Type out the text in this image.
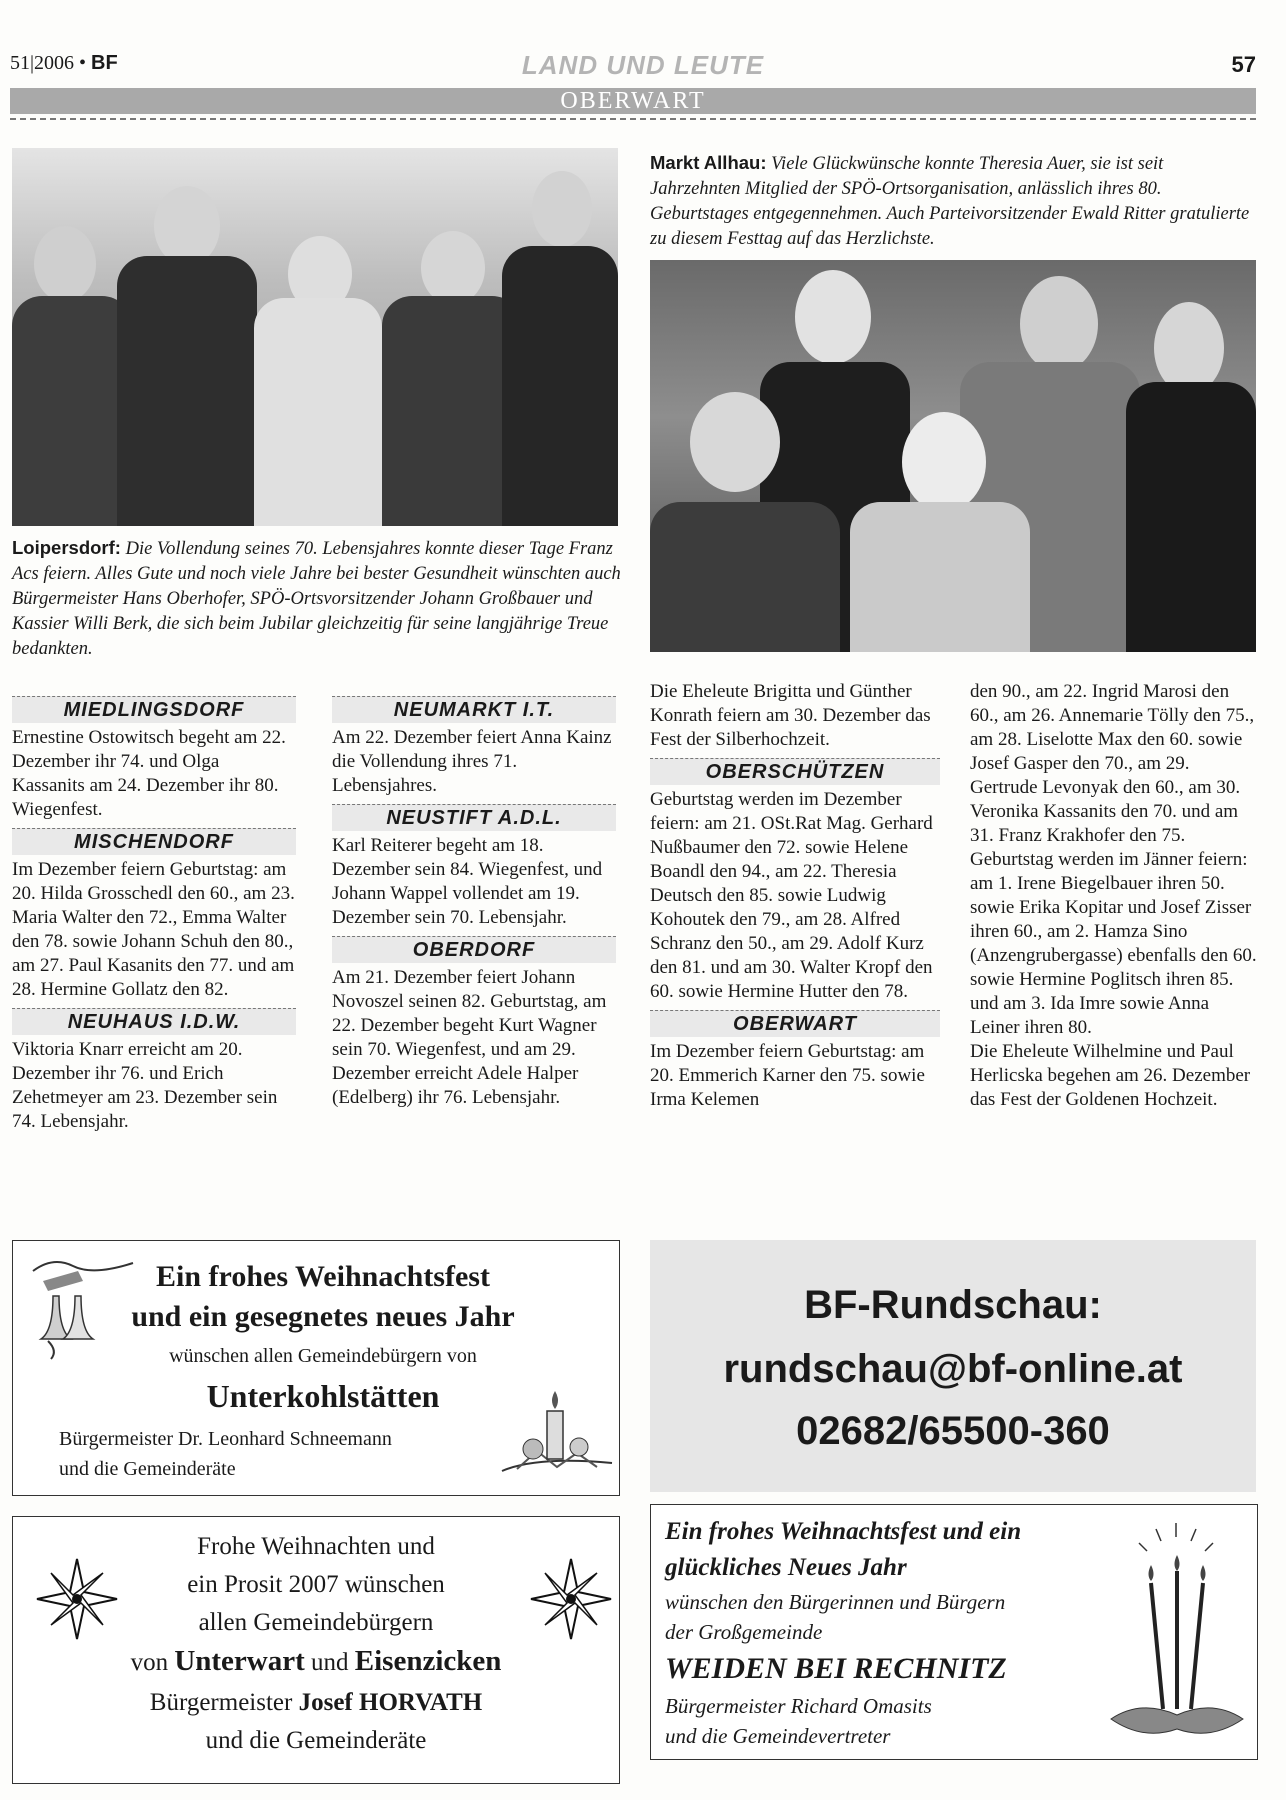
51|2006 • BF	LAND UND LEUTE	57
OBERWART
Loipersdorf: Die Vollendung seines 70. Lebensjahres konnte dieser Tage Franz Acs feiern. Alles Gute und noch viele Jahre bei bester Gesundheit wünschten auch Bürgermeister Hans Oberhofer, SPÖ-Ortsvorsitzender Johann Großbauer und Kassier Willi Berk, die sich beim Jubilar gleichzeitig für seine langjährige Treue bedankten.
Markt Allhau: Viele Glückwünsche konnte Theresia Auer, sie ist seit Jahrzehnten Mitglied der SPÖ-Ortsorganisation, anlässlich ihres 80. Geburtstages entgegennehmen. Auch Parteivorsitzender Ewald Ritter gratulierte zu diesem Festtag auf das Herzlichste.
MIEDLINGSDORF

Ernestine Ostowitsch begeht am 22. Dezember ihr 74. und Olga Kassanits am 24. Dezember ihr 80. Wiegenfest.

MISCHENDORF

Im Dezember feiern Geburtstag: am 20. Hilda Grosschedl den 60., am 23. Maria Walter den 72., Emma Walter den 78. sowie Johann Schuh den 80., am 27. Paul Kasanits den 77. und am 28. Hermine Gollatz den 82.

NEUHAUS I.D.W.

Viktoria Knarr erreicht am 20. Dezember ihr 76. und Erich Zehetmeyer am 23. Dezember sein 74. Lebensjahr.

NEUMARKT I.T.

Am 22. Dezember feiert Anna Kainz die Vollendung ihres 71. Lebensjahres.

NEUSTIFT A.D.L.

Karl Reiterer begeht am 18. Dezember sein 84. Wiegenfest, und Johann Wappel vollendet am 19. Dezember sein 70. Lebensjahr.

OBERDORF

Am 21. Dezember feiert Johann Novoszel seinen 82. Geburtstag, am 22. Dezember begeht Kurt Wagner sein 70. Wiegenfest, und am 29. Dezember erreicht Adele Halper (Edelberg) ihr 76. Lebensjahr.

Die Eheleute Brigitta und Günther Konrath feiern am 30. Dezember das Fest der Silberhochzeit.

OBERSCHÜTZEN

Geburtstag werden im Dezember feiern: am 21. OSt.Rat Mag. Gerhard Nußbaumer den 72. sowie Helene Boandl den 94., am 22. Theresia Deutsch den 85. sowie Ludwig Kohoutek den 79., am 28. Alfred Schranz den 50., am 29. Adolf Kurz den 81. und am 30. Walter Kropf den 60. sowie Hermine Hutter den 78.

OBERWART

Im Dezember feiern Geburtstag: am 20. Emmerich Karner den 75. sowie Irma Kelemen

den 90., am 22. Ingrid Marosi den 60., am 26. Annemarie Tölly den 75., am 28. Liselotte Max den 60. sowie Josef Gasper den 70., am 29. Gertrude Levonyak den 60., am 30. Veronika Kassanits den 70. und am 31. Franz Krakhofer den 75.

Geburtstag werden im Jänner feiern: am 1. Irene Biegelbauer ihren 50. sowie Erika Kopitar und Josef Zisser ihren 60., am 2. Hamza Sino (Anzengrubergasse) ebenfalls den 60. sowie Hermine Poglitsch ihren 85. und am 3. Ida Imre sowie Anna Leiner ihren 80.

Die Eheleute Wilhelmine und Paul Herlicska begehen am 26. Dezember das Fest der Goldenen Hochzeit.

Ein frohes Weihnachtsfest
und ein gesegnetes neues Jahr
wünschen allen Gemeindebürgern von
Unterkohlstätten
Bürgermeister Dr. Leonhard Schneemann
und die Gemeinderäte
BF-Rundschau:
rundschau@bf-online.at
02682/65500-360
Frohe Weihnachten und
ein Prosit 2007 wünschen
allen Gemeindebürgern
von Unterwart und Eisenzicken
Bürgermeister Josef HORVATH
und die Gemeinderäte
Ein frohes Weihnachtsfest und ein
glückliches Neues Jahr
wünschen den Bürgerinnen und Bürgern
der Großgemeinde
WEIDEN BEI RECHNITZ
Bürgermeister Richard Omasits
und die Gemeindevertreter
